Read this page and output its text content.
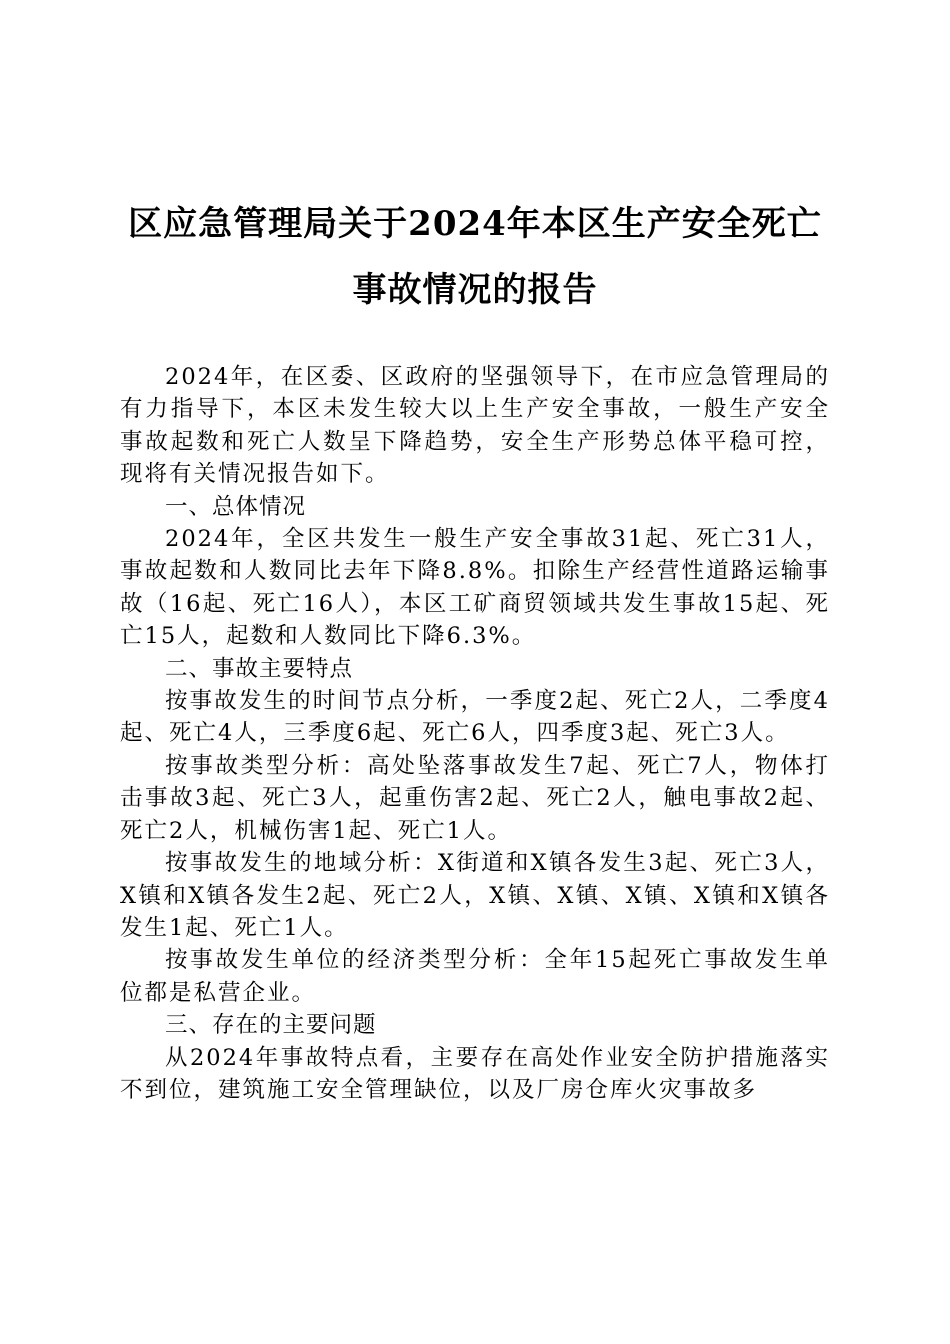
区应急管理局关于2024年本区生产安全死亡
事故情况的报告

2024年，在区委、区政府的坚强领导下，在市应急管理局的有力指导下，本区未发生较大以上生产安全事故，一般生产安全事故起数和死亡人数呈下降趋势，安全生产形势总体平稳可控，现将有关情况报告如下。

一、总体情况

2024年，全区共发生一般生产安全事故31起、死亡31人，事故起数和人数同比去年下降8.8%。扣除生产经营性道路运输事故（16起、死亡16人），本区工矿商贸领域共发生事故15起、死亡15人，起数和人数同比下降6.3%。

二、事故主要特点

按事故发生的时间节点分析，一季度2起、死亡2人，二季度4起、死亡4人，三季度6起、死亡6人，四季度3起、死亡3人。

按事故类型分析：高处坠落事故发生7起、死亡7人，物体打击事故3起、死亡3人，起重伤害2起、死亡2人，触电事故2起、死亡2人，机械伤害1起、死亡1人。

按事故发生的地域分析：X街道和X镇各发生3起、死亡3人，X镇和X镇各发生2起、死亡2人，X镇、X镇、X镇、X镇和X镇各发生1起、死亡1人。

按事故发生单位的经济类型分析：全年15起死亡事故发生单位都是私营企业。

三、存在的主要问题

从2024年事故特点看，主要存在高处作业安全防护措施落实不到位，建筑施工安全管理缺位，以及厂房仓库火灾事故多
